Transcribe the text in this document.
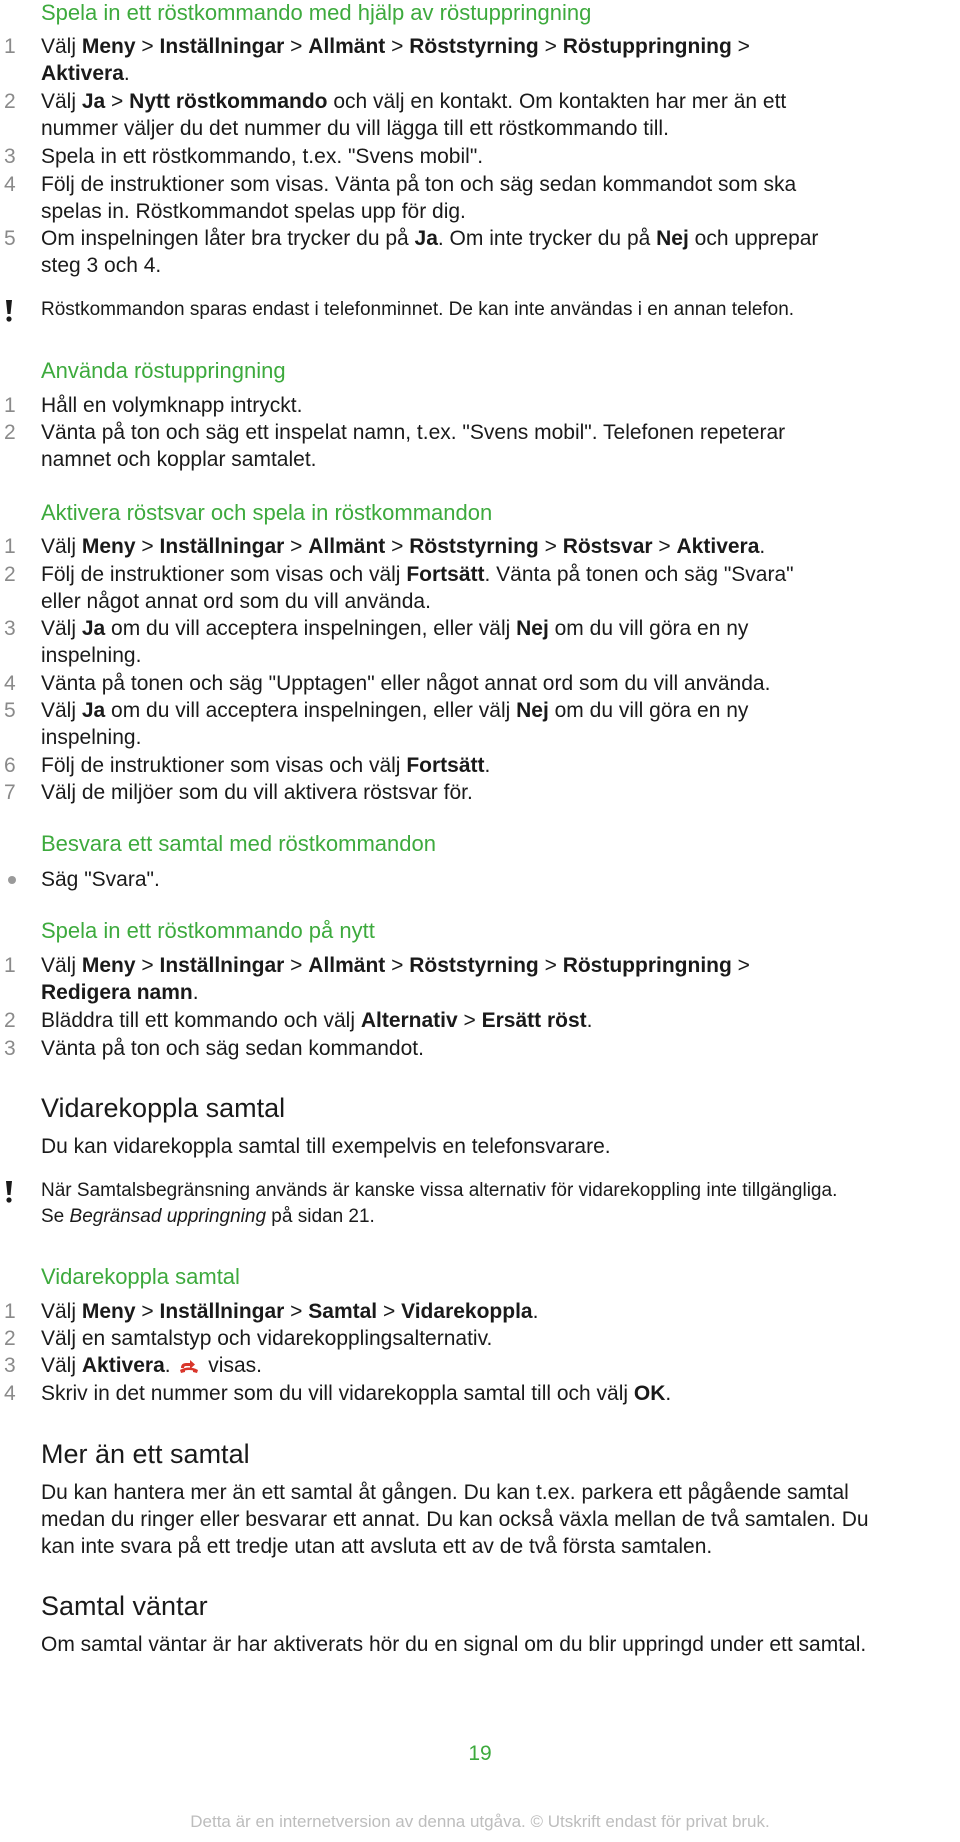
Spela in ett röstkommando med hjälp av röstuppringning
1	Välj Meny > Inställningar > Allmänt > Röststyrning > Röstuppringning >
Aktivera.
2	Välj Ja > Nytt röstkommando och välj en kontakt. Om kontakten har mer än ett
nummer väljer du det nummer du vill lägga till ett röstkommando till.
3	Spela in ett röstkommando, t.ex. "Svens mobil".
4	Följ de instruktioner som visas. Vänta på ton och säg sedan kommandot som ska
spelas in. Röstkommandot spelas upp för dig.
5	Om inspelningen låter bra trycker du på Ja. Om inte trycker du på Nej och upprepar
steg 3 och 4.
Röstkommandon sparas endast i telefonminnet. De kan inte användas i en annan telefon.
Använda röstuppringning
1	Håll en volymknapp intryckt.
2	Vänta på ton och säg ett inspelat namn, t.ex. "Svens mobil". Telefonen repeterar
namnet och kopplar samtalet.
Aktivera röstsvar och spela in röstkommandon
1	Välj Meny > Inställningar > Allmänt > Röststyrning > Röstsvar > Aktivera.
2	Följ de instruktioner som visas och välj Fortsätt. Vänta på tonen och säg "Svara"
eller något annat ord som du vill använda.
3	Välj Ja om du vill acceptera inspelningen, eller välj Nej om du vill göra en ny
inspelning.
4	Vänta på tonen och säg "Upptagen" eller något annat ord som du vill använda.
5	Välj Ja om du vill acceptera inspelningen, eller välj Nej om du vill göra en ny
inspelning.
6	Följ de instruktioner som visas och välj Fortsätt.
7	Välj de miljöer som du vill aktivera röstsvar för.
Besvara ett samtal med röstkommandon
Säg "Svara".
Spela in ett röstkommando på nytt
1	Välj Meny > Inställningar > Allmänt > Röststyrning > Röstuppringning >
Redigera namn.
2	Bläddra till ett kommando och välj Alternativ > Ersätt röst.
3	Vänta på ton och säg sedan kommandot.
Vidarekoppla samtal
Du kan vidarekoppla samtal till exempelvis en telefonsvarare.
När Samtalsbegränsning används är kanske vissa alternativ för vidarekoppling inte tillgängliga.
Se Begränsad uppringning på sidan 21.
Vidarekoppla samtal
1	Välj Meny > Inställningar > Samtal > Vidarekoppla.
2	Välj en samtalstyp och vidarekopplingsalternativ.
3	Välj Aktivera.  visas.
4	Skriv in det nummer som du vill vidarekoppla samtal till och välj OK.
Mer än ett samtal
Du kan hantera mer än ett samtal åt gången. Du kan t.ex. parkera ett pågående samtal
medan du ringer eller besvarar ett annat. Du kan också växla mellan de två samtalen. Du
kan inte svara på ett tredje utan att avsluta ett av de två första samtalen.
Samtal väntar
Om samtal väntar är har aktiverats hör du en signal om du blir uppringd under ett samtal.
19
Detta är en internetversion av denna utgåva. © Utskrift endast för privat bruk.
